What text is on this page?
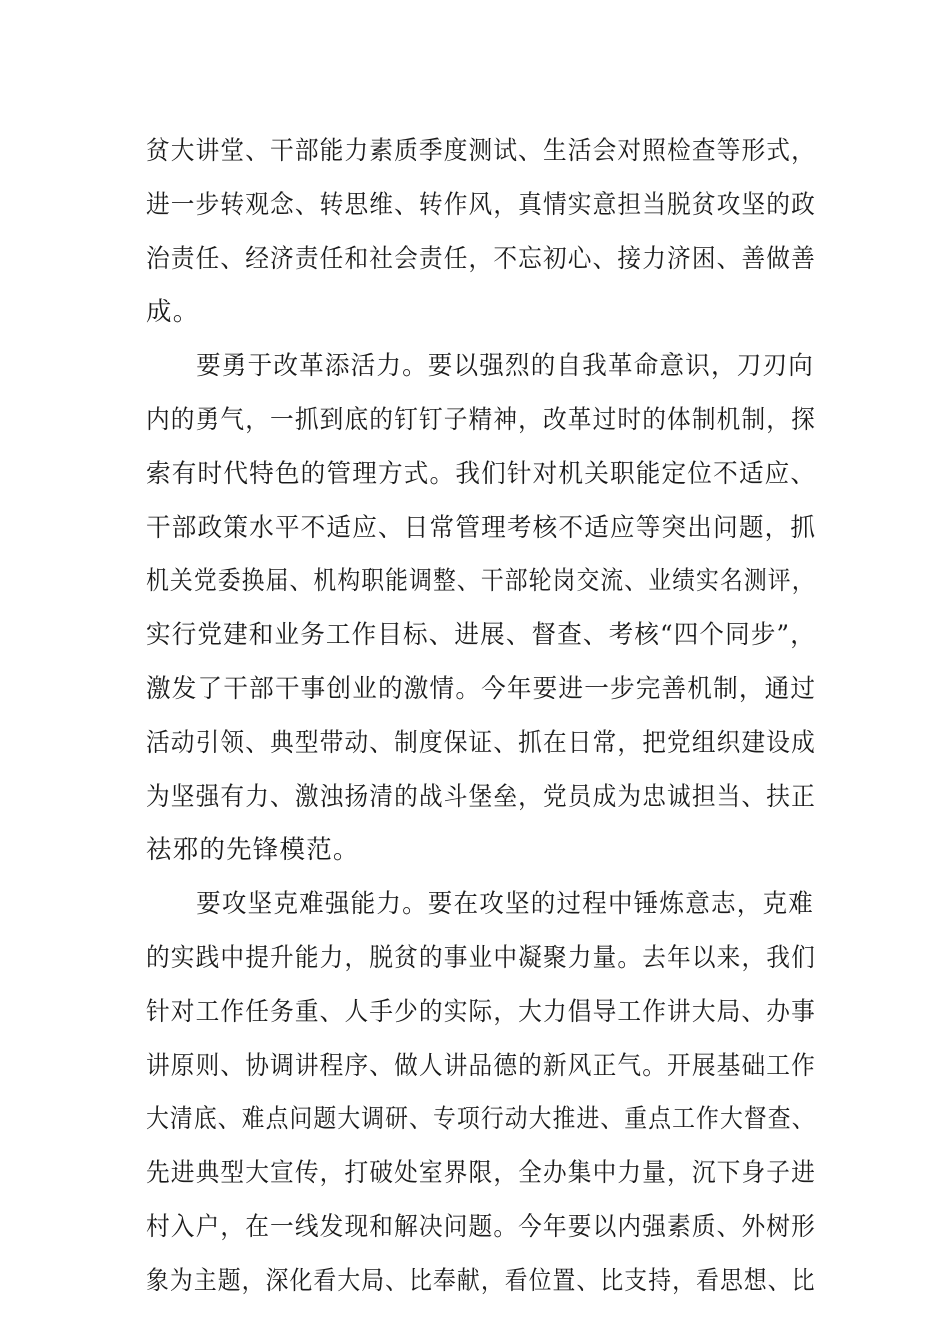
贫大讲堂、干部能力素质季度测试、生活会对照检查等形式，
进一步转观念、转思维、转作风，真情实意担当脱贫攻坚的政
治责任、经济责任和社会责任，不忘初心、接力济困、善做善
成。
要勇于改革添活力。要以强烈的自我革命意识，刀刃向
内的勇气，一抓到底的钉钉子精神，改革过时的体制机制，探
索有时代特色的管理方式。我们针对机关职能定位不适应、
干部政策水平不适应、日常管理考核不适应等突出问题，抓
机关党委换届、机构职能调整、干部轮岗交流、业绩实名测评，
实行党建和业务工作目标、进展、督查、考核“四个同步”，
激发了干部干事创业的激情。今年要进一步完善机制，通过
活动引领、典型带动、制度保证、抓在日常，把党组织建设成
为坚强有力、激浊扬清的战斗堡垒，党员成为忠诚担当、扶正
祛邪的先锋模范。
要攻坚克难强能力。要在攻坚的过程中锤炼意志，克难
的实践中提升能力，脱贫的事业中凝聚力量。去年以来，我们
针对工作任务重、人手少的实际，大力倡导工作讲大局、办事
讲原则、协调讲程序、做人讲品德的新风正气。开展基础工作
大清底、难点问题大调研、专项行动大推进、重点工作大督查、
先进典型大宣传，打破处室界限，全办集中力量，沉下身子进
村入户，在一线发现和解决问题。今年要以内强素质、外树形
象为主题，深化看大局、比奉献，看位置、比支持，看思想、比
